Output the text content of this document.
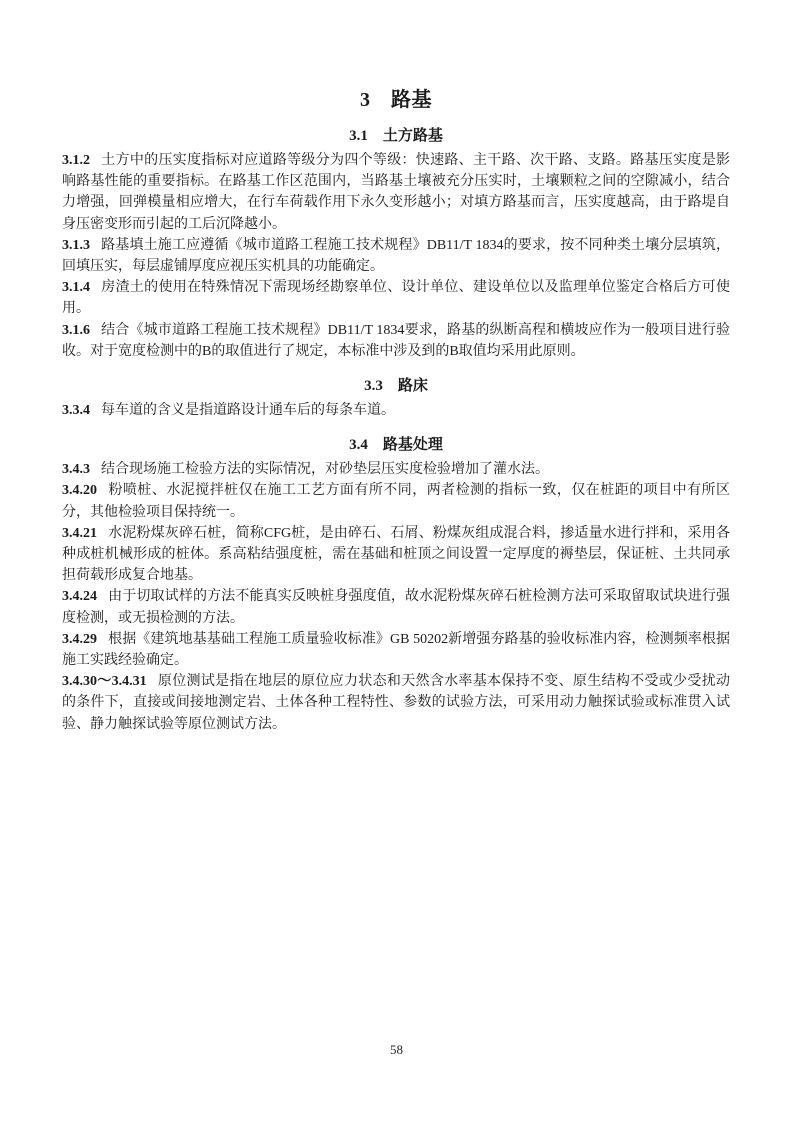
3　路基
3.1　土方路基

3.1.2 土方中的压实度指标对应道路等级分为四个等级：快速路、主干路、次干路、支路。路基压实度是影响路基性能的重要指标。在路基工作区范围内，当路基土壤被充分压实时，土壤颗粒之间的空隙减小，结合力增强，回弹模量相应增大，在行车荷载作用下永久变形越小；对填方路基而言，压实度越高，由于路堤自身压密变形而引起的工后沉降越小。

3.1.3 路基填土施工应遵循《城市道路工程施工技术规程》DB11/T 1834的要求，按不同种类土壤分层填筑，回填压实，每层虚铺厚度应视压实机具的功能确定。

3.1.4 房渣土的使用在特殊情况下需现场经勘察单位、设计单位、建设单位以及监理单位鉴定合格后方可使用。

3.1.6 结合《城市道路工程施工技术规程》DB11/T 1834要求，路基的纵断高程和横坡应作为一般项目进行验收。对于宽度检测中的B的取值进行了规定，本标准中涉及到的B取值均采用此原则。

3.3　路床

3.3.4 每车道的含义是指道路设计通车后的每条车道。

3.4　路基处理

3.4.3 结合现场施工检验方法的实际情况，对砂垫层压实度检验增加了灌水法。

3.4.20 粉喷桩、水泥搅拌桩仅在施工工艺方面有所不同，两者检测的指标一致，仅在桩距的项目中有所区分，其他检验项目保持统一。

3.4.21 水泥粉煤灰碎石桩，简称CFG桩，是由碎石、石屑、粉煤灰组成混合料，掺适量水进行拌和，采用各种成桩机械形成的桩体。系高粘结强度桩，需在基础和桩顶之间设置一定厚度的褥垫层，保证桩、土共同承担荷载形成复合地基。

3.4.24 由于切取试样的方法不能真实反映桩身强度值，故水泥粉煤灰碎石桩检测方法可采取留取试块进行强度检测，或无损检测的方法。

3.4.29 根据《建筑地基基础工程施工质量验收标准》GB 50202新增强夯路基的验收标准内容，检测频率根据施工实践经验确定。

3.4.30～3.4.31 原位测试是指在地层的原位应力状态和天然含水率基本保持不变、原生结构不受或少受扰动的条件下，直接或间接地测定岩、土体各种工程特性、参数的试验方法，可采用动力触探试验或标准贯入试验、静力触探试验等原位测试方法。

58
